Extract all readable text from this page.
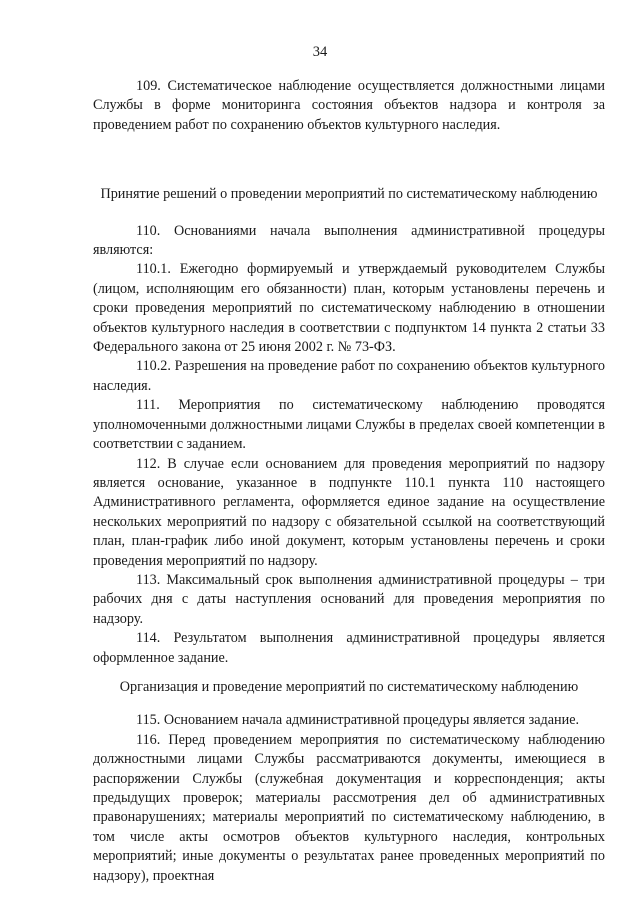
34

109. Систематическое наблюдение осуществляется должностными лицами Службы в форме мониторинга состояния объектов надзора и контроля за проведением работ по сохранению объектов культурного наследия.

Принятие решений о проведении мероприятий по систематическому наблюдению

110. Основаниями начала выполнения административной процедуры являются:

110.1. Ежегодно формируемый и утверждаемый руководителем Службы (лицом, исполняющим его обязанности) план, которым установлены перечень и сроки проведения мероприятий по систематическому наблюдению в отношении объектов культурного наследия в соответствии с подпунктом 14 пункта 2 статьи 33 Федерального закона от 25 июня 2002 г. № 73-ФЗ.

110.2. Разрешения на проведение работ по сохранению объектов культурного наследия.

111. Мероприятия по систематическому наблюдению проводятся уполномоченными должностными лицами Службы в пределах своей компетенции в соответствии с заданием.

112. В случае если основанием для проведения мероприятий по надзору является основание, указанное в подпункте 110.1 пункта 110 настоящего Административного регламента, оформляется единое задание на осуществление нескольких мероприятий по надзору с обязательной ссылкой на соответствующий план, план-график либо иной документ, которым установлены перечень и сроки проведения мероприятий по надзору.

113. Максимальный срок выполнения административной процедуры – три рабочих дня с даты наступления оснований для проведения мероприятия по надзору.

114. Результатом выполнения административной процедуры является оформленное задание.

Организация и проведение мероприятий по систематическому наблюдению

115. Основанием начала административной процедуры является задание.

116. Перед проведением мероприятия по систематическому наблюдению должностными лицами Службы рассматриваются документы, имеющиеся в распоряжении Службы (служебная документация и корреспонденция; акты предыдущих проверок; материалы рассмотрения дел об административных правонарушениях; материалы мероприятий по систематическому наблюдению, в том числе акты осмотров объектов культурного наследия, контрольных мероприятий; иные документы о результатах ранее проведенных мероприятий по надзору), проектная
